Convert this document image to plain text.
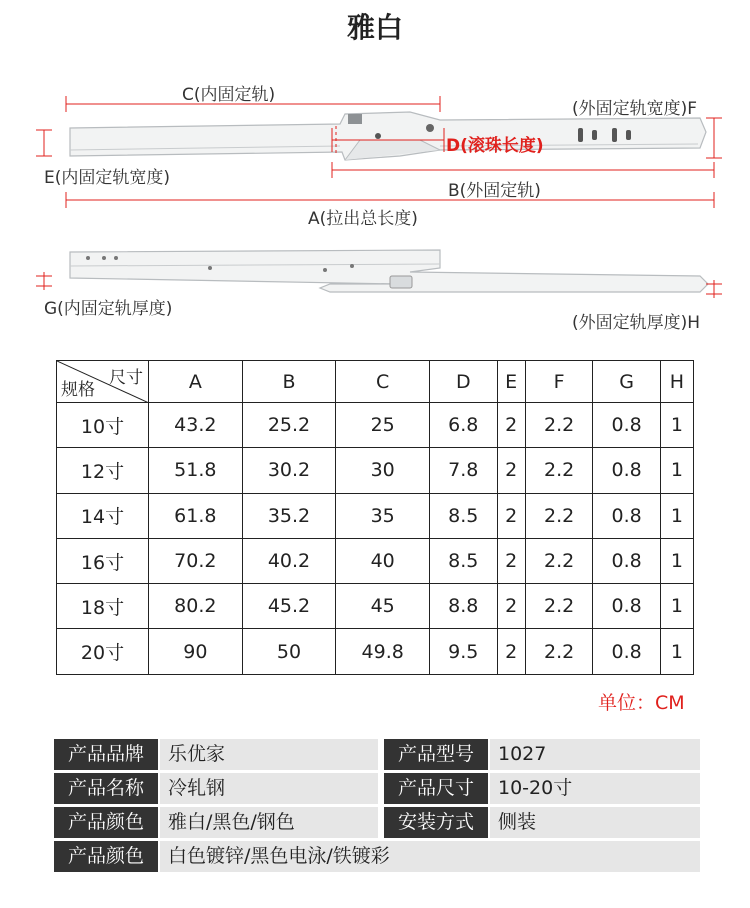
雅白
C(内固定轨)
(外固定轨宽度)F
D(滚珠长度)
E(内固定轨宽度)
B(外固定轨)
A(拉出总长度)
G(内固定轨厚度)
(外固定轨厚度)H
尺寸
规格	A	B	C	D	E	F	G	H
10寸	43.2	25.2	25	6.8	2	2.2	0.8	1
12寸	51.8	30.2	30	7.8	2	2.2	0.8	1
14寸	61.8	35.2	35	8.5	2	2.2	0.8	1
16寸	70.2	40.2	40	8.5	2	2.2	0.8	1
18寸	80.2	45.2	45	8.8	2	2.2	0.8	1
20寸	90	50	49.8	9.5	2	2.2	0.8	1
单位：CM
产品品牌	乐优家	产品型号	1027
产品名称	冷轧钢	产品尺寸	10-20寸
产品颜色	雅白/黑色/钢色	安装方式	侧装
产品颜色	白色镀锌/黑色电泳/铁镀彩
